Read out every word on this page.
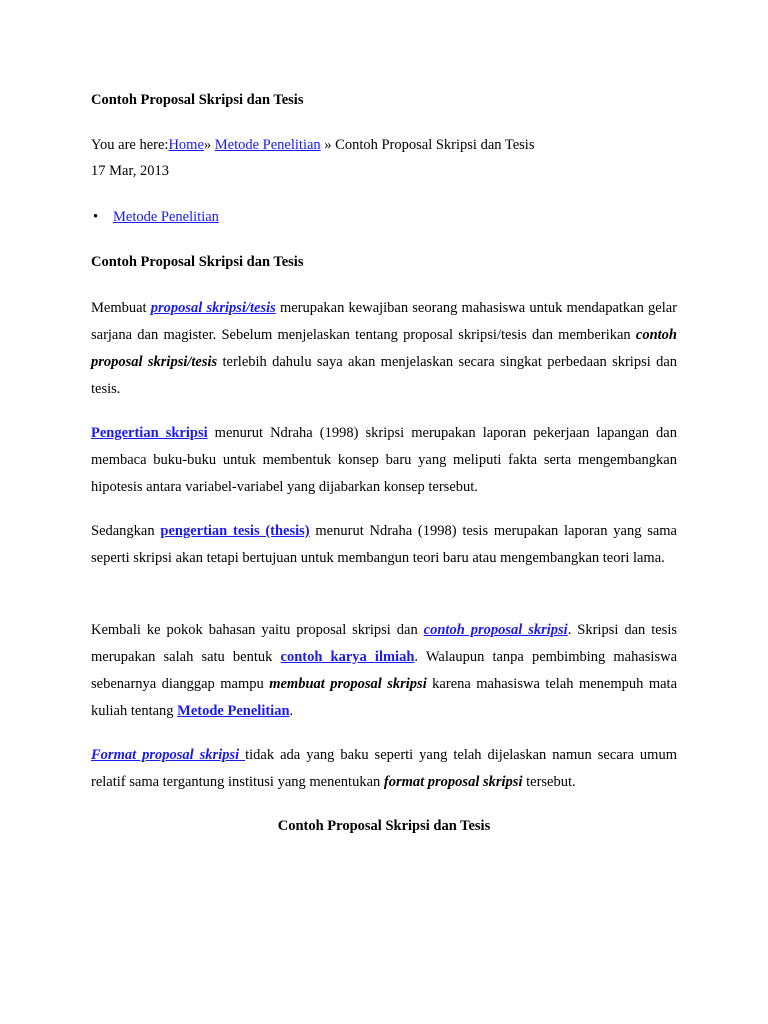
Contoh Proposal Skripsi dan Tesis
You are here:Home» Metode Penelitian » Contoh Proposal Skripsi dan Tesis
17 Mar, 2013
• Metode Penelitian
Contoh Proposal Skripsi dan Tesis

Membuat proposal skripsi/tesis merupakan kewajiban seorang mahasiswa untuk mendapatkan gelar sarjana dan magister. Sebelum menjelaskan tentang proposal skripsi/tesis dan memberikan contoh proposal skripsi/tesis terlebih dahulu saya akan menjelaskan secara singkat perbedaan skripsi dan tesis.

Pengertian skripsi menurut Ndraha (1998) skripsi merupakan laporan pekerjaan lapangan dan membaca buku-buku untuk membentuk konsep baru yang meliputi fakta serta mengembangkan hipotesis antara variabel-variabel yang dijabarkan konsep tersebut.

Sedangkan pengertian tesis (thesis) menurut Ndraha (1998) tesis merupakan laporan yang sama seperti skripsi akan tetapi bertujuan untuk membangun teori baru atau mengembangkan teori lama.

Kembali ke pokok bahasan yaitu proposal skripsi dan contoh proposal skripsi. Skripsi dan tesis merupakan salah satu bentuk contoh karya ilmiah. Walaupun tanpa pembimbing mahasiswa sebenarnya dianggap mampu membuat proposal skripsi karena mahasiswa telah menempuh mata kuliah tentang Metode Penelitian.

Format proposal skripsi tidak ada yang baku seperti yang telah dijelaskan namun secara umum relatif sama tergantung institusi yang menentukan format proposal skripsi tersebut.

Contoh Proposal Skripsi dan Tesis
